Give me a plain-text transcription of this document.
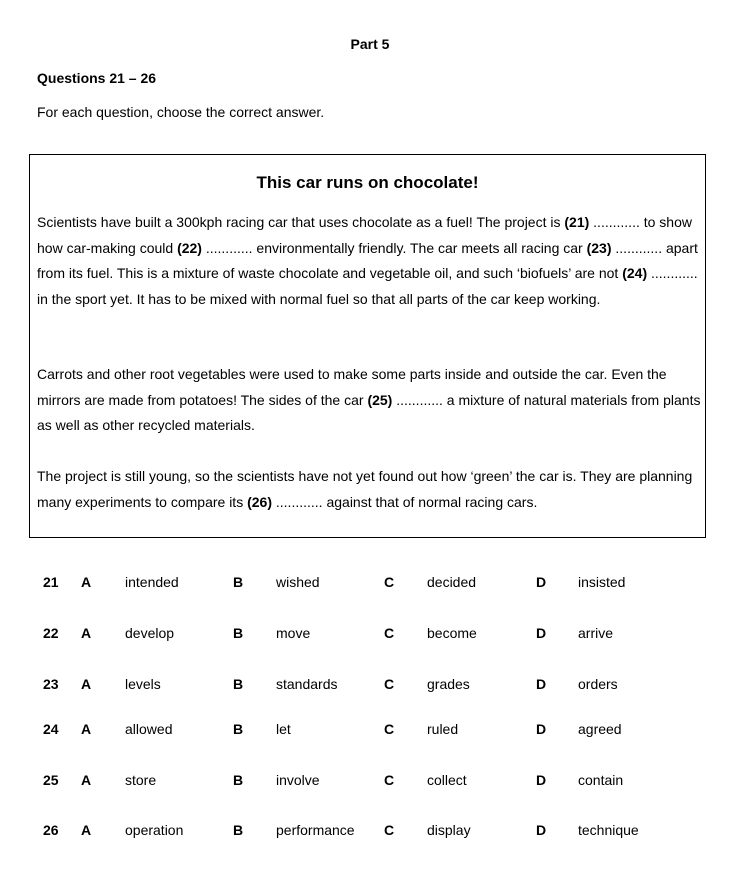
Part 5
Questions 21 – 26
For each question, choose the correct answer.
This car runs on chocolate!
Scientists have built a 300kph racing car that uses chocolate as a fuel! The project is (21) ............ to show how car-making could (22) ............ environmentally friendly. The car meets all racing car (23) ............ apart from its fuel. This is a mixture of waste chocolate and vegetable oil, and such ‘biofuels’ are not (24) ............ in the sport yet. It has to be mixed with normal fuel so that all parts of the car keep working.
Carrots and other root vegetables were used to make some parts inside and outside the car. Even the mirrors are made from potatoes! The sides of the car (25) ............ a mixture of natural materials from plants as well as other recycled materials.
The project is still young, so the scientists have not yet found out how ‘green’ the car is. They are planning many experiments to compare its (26) ............ against that of normal racing cars.
21 A intended	B wished	C decided	D insisted
22 A develop	B move	C become	D arrive
23 A levels	B standards	C grades	D orders
24 A allowed	B let	C ruled	D agreed
25 A store	B involve	C collect	D contain
26 A operation	B performance C display	D technique
